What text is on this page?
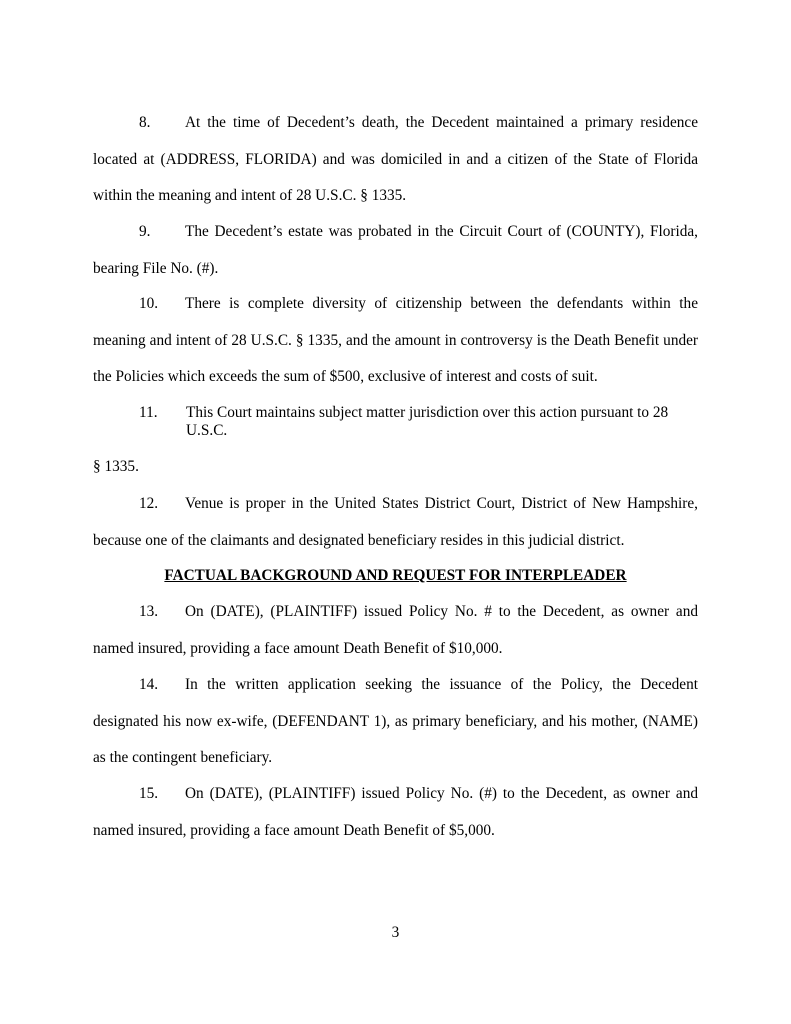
8. At the time of Decedent’s death, the Decedent maintained a primary residence located at (ADDRESS, FLORIDA) and was domiciled in and a citizen of the State of Florida within the meaning and intent of 28 U.S.C. § 1335.

9. The Decedent’s estate was probated in the Circuit Court of (COUNTY), Florida, bearing File No. (#).

10. There is complete diversity of citizenship between the defendants within the meaning and intent of 28 U.S.C. § 1335, and the amount in controversy is the Death Benefit under the Policies which exceeds the sum of $500, exclusive of interest and costs of suit.

11. This Court maintains subject matter jurisdiction over this action pursuant to 28 U.S.C.
§ 1335.

12. Venue is proper in the United States District Court, District of New Hampshire, because one of the claimants and designated beneficiary resides in this judicial district.

FACTUAL BACKGROUND AND REQUEST FOR INTERPLEADER

13. On (DATE), (PLAINTIFF) issued Policy No. # to the Decedent, as owner and named insured, providing a face amount Death Benefit of $10,000.

14. In the written application seeking the issuance of the Policy, the Decedent designated his now ex-wife, (DEFENDANT 1), as primary beneficiary, and his mother, (NAME) as the contingent beneficiary.

15. On (DATE), (PLAINTIFF) issued Policy No. (#) to the Decedent, as owner and named insured, providing a face amount Death Benefit of $5,000.

3
